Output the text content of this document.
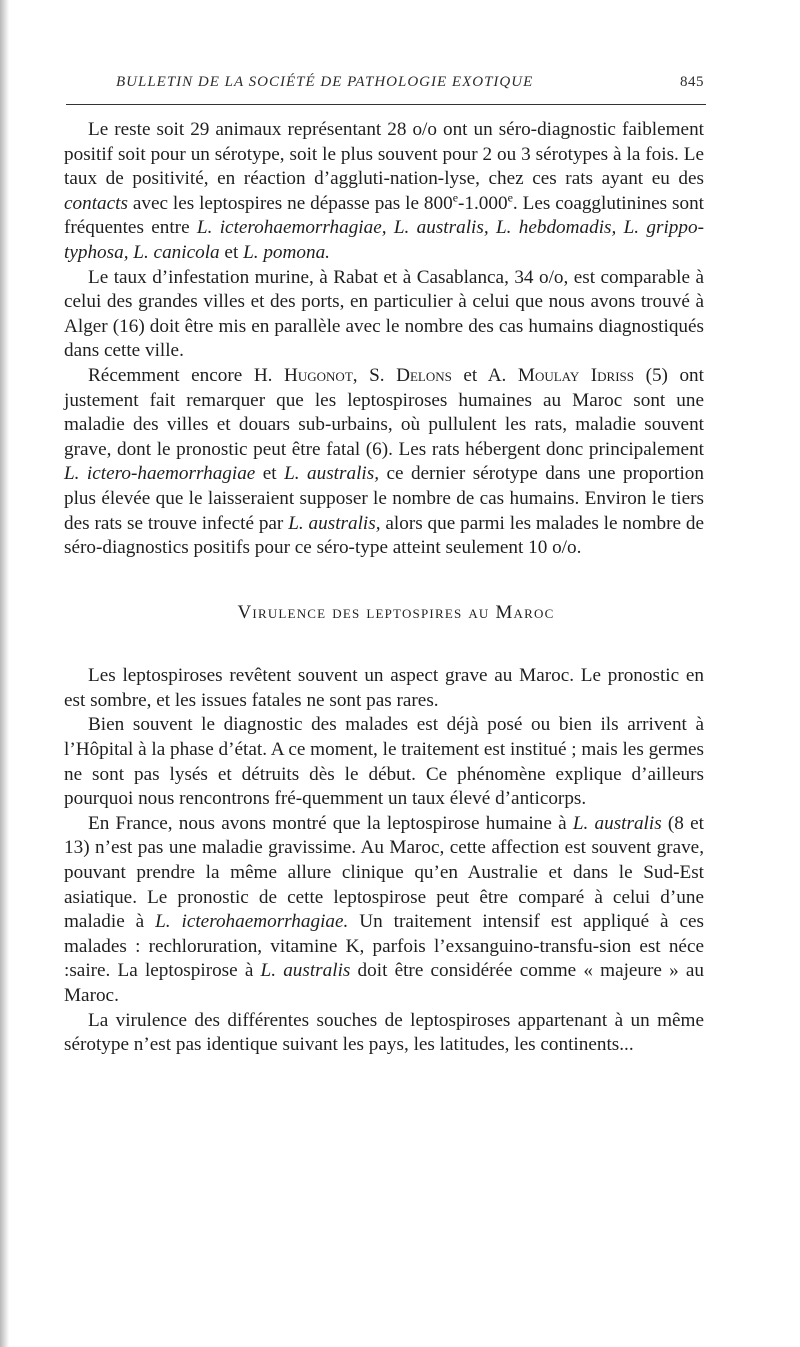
BULLETIN DE LA SOCIÉTÉ DE PATHOLOGIE EXOTIQUE	845

Le reste soit 29 animaux représentant 28 o/o ont un séro-diagnostic faiblement positif soit pour un sérotype, soit le plus souvent pour 2 ou 3 sérotypes à la fois. Le taux de positivité, en réaction d’aggluti-nation-lyse, chez ces rats ayant eu des contacts avec les leptospires ne dépasse pas le 800e-1.000e. Les coagglutinines sont fréquentes entre L. icterohaemorrhagiae, L. australis, L. hebdomadis, L. grippo-typhosa, L. canicola et L. pomona.

Le taux d’infestation murine, à Rabat et à Casablanca, 34 o/o, est comparable à celui des grandes villes et des ports, en particulier à celui que nous avons trouvé à Alger (16) doit être mis en parallèle avec le nombre des cas humains diagnostiqués dans cette ville.

Récemment encore H. Hugonot, S. Delons et A. Moulay Idriss (5) ont justement fait remarquer que les leptospiroses humaines au Maroc sont une maladie des villes et douars sub-urbains, où pullulent les rats, maladie souvent grave, dont le pronostic peut être fatal (6). Les rats hébergent donc principalement L. ictero-haemorrhagiae et L. australis, ce dernier sérotype dans une proportion plus élevée que le laisseraient supposer le nombre de cas humains. Environ le tiers des rats se trouve infecté par L. australis, alors que parmi les malades le nombre de séro-diagnostics positifs pour ce séro-type atteint seulement 10 o/o.

Virulence des leptospires au Maroc

Les leptospiroses revêtent souvent un aspect grave au Maroc. Le pronostic en est sombre, et les issues fatales ne sont pas rares.

Bien souvent le diagnostic des malades est déjà posé ou bien ils arrivent à l’Hôpital à la phase d’état. A ce moment, le traitement est institué ; mais les germes ne sont pas lysés et détruits dès le début. Ce phénomène explique d’ailleurs pourquoi nous rencontrons fré-quemment un taux élevé d’anticorps.

En France, nous avons montré que la leptospirose humaine à L. australis (8 et 13) n’est pas une maladie gravissime. Au Maroc, cette affection est souvent grave, pouvant prendre la même allure clinique qu’en Australie et dans le Sud-Est asiatique. Le pronostic de cette leptospirose peut être comparé à celui d’une maladie à L. icterohaemorrhagiae. Un traitement intensif est appliqué à ces malades : rechloruration, vitamine K, parfois l’exsanguino-transfu-sion est néce :saire. La leptospirose à L. australis doit être considérée comme « majeure » au Maroc.

La virulence des différentes souches de leptospiroses appartenant à un même sérotype n’est pas identique suivant les pays, les latitudes, les continents...
